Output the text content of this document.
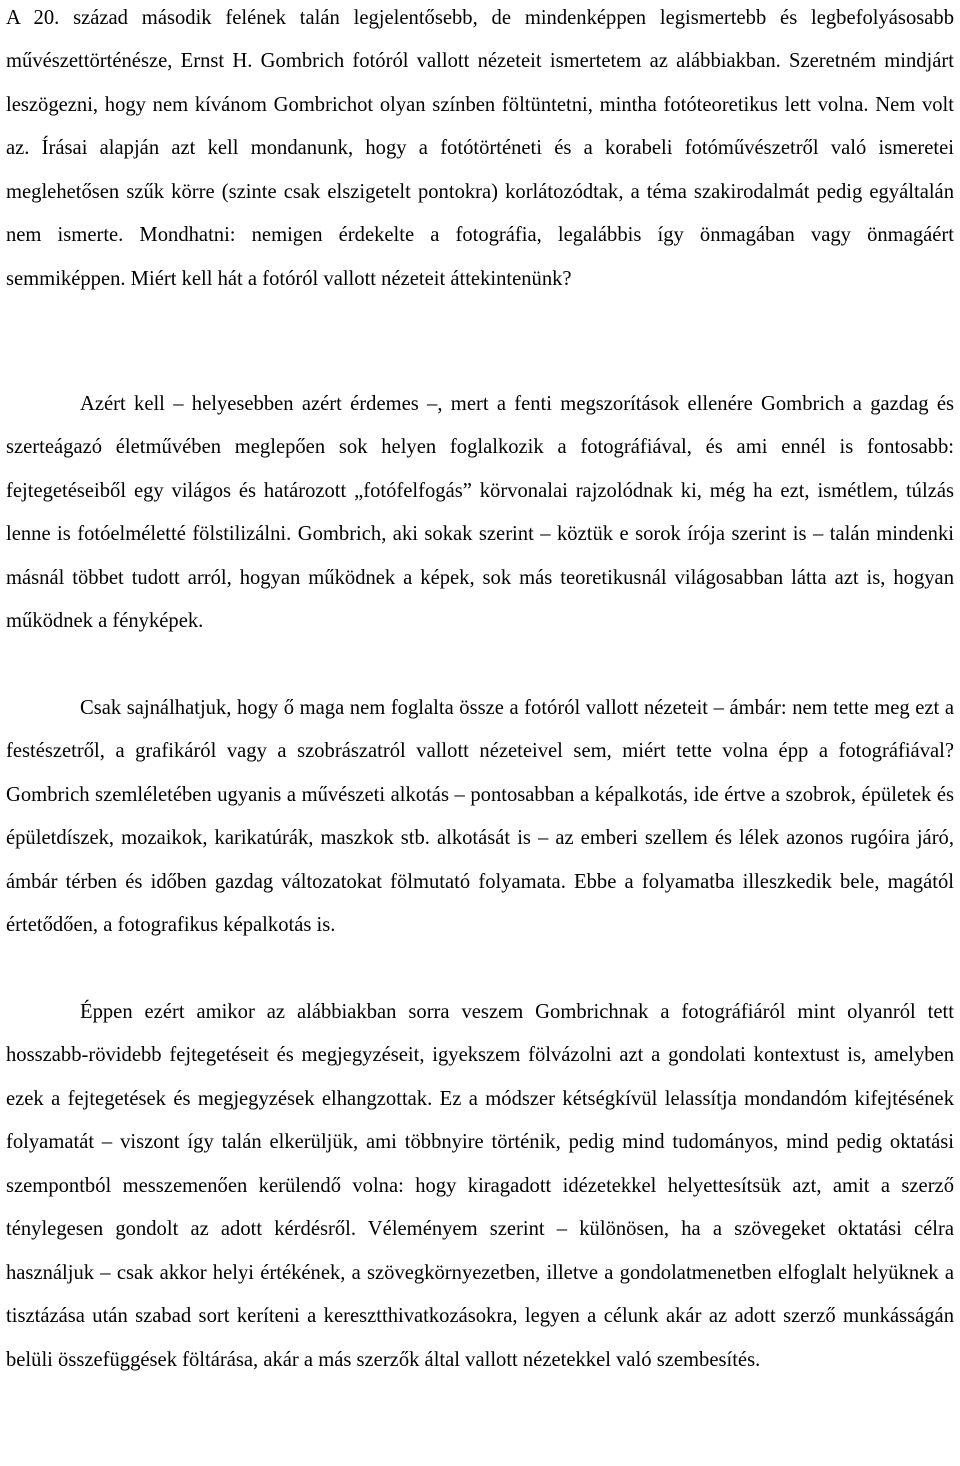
A 20. század második felének talán legjelentősebb, de mindenképpen legismertebb és legbefolyásosabb művészettörténésze, Ernst H. Gombrich fotóról vallott nézeteit ismertetem az alábbiakban. Szeretném mindjárt leszögezni, hogy nem kívánom Gombrichot olyan színben föltüntetni, mintha fotóteoretikus lett volna. Nem volt az. Írásai alapján azt kell mondanunk, hogy a fotótörténeti és a korabeli fotóművészetről való ismeretei meglehetősen szűk körre (szinte csak elszigetelt pontokra) korlátozódtak, a téma szakirodalmát pedig egyáltalán nem ismerte. Mondhatni: nemigen érdekelte a fotográfia, legalábbis így önmagában vagy önmagáért semmiképpen. Miért kell hát a fotóról vallott nézeteit áttekintenünk?

Azért kell – helyesebben azért érdemes –, mert a fenti megszorítások ellenére Gombrich a gazdag és szerteágazó életművében meglepően sok helyen foglalkozik a fotográfiával, és ami ennél is fontosabb: fejtegetéseiből egy világos és határozott „fotófelfogás” körvonalai rajzolódnak ki, még ha ezt, ismétlem, túlzás lenne is fotóelméletté fölstilizálni. Gombrich, aki sokak szerint – köztük e sorok írója szerint is – talán mindenki másnál többet tudott arról, hogyan működnek a képek, sok más teoretikusnál világosabban látta azt is, hogyan működnek a fényképek.

Csak sajnálhatjuk, hogy ő maga nem foglalta össze a fotóról vallott nézeteit – ámbár: nem tette meg ezt a festészetről, a grafikáról vagy a szobrászatról vallott nézeteivel sem, miért tette volna épp a fotográfiával? Gombrich szemléletében ugyanis a művészeti alkotás – pontosabban a képalkotás, ide értve a szobrok, épületek és épületdíszek, mozaikok, karikatúrák, maszkok stb. alkotását is – az emberi szellem és lélek azonos rugóira járó, ámbár térben és időben gazdag változatokat fölmutató folyamata. Ebbe a folyamatba illeszkedik bele, magától értetődően, a fotografikus képalkotás is.

Éppen ezért amikor az alábbiakban sorra veszem Gombrichnak a fotográfiáról mint olyanról tett hosszabb-rövidebb fejtegetéseit és megjegyzéseit, igyekszem fölvázolni azt a gondolati kontextust is, amelyben ezek a fejtegetések és megjegyzések elhangzottak. Ez a módszer kétségkívül lelassítja mondandóm kifejtésének folyamatát – viszont így talán elkerüljük, ami többnyire történik, pedig mind tudományos, mind pedig oktatási szempontból messzemenően kerülendő volna: hogy kiragadott idézetekkel helyettesítsük azt, amit a szerző ténylegesen gondolt az adott kérdésről. Véleményem szerint – különösen, ha a szövegeket oktatási célra használjuk – csak akkor helyi értékének, a szövegkörnyezetben, illetve a gondolatmenetben elfoglalt helyüknek a tisztázása után szabad sort keríteni a keresztthivatkozásokra, legyen a célunk akár az adott szerző munkásságán belüli összefüggések föltárása, akár a más szerzők által vallott nézetekkel való szembesítés.
